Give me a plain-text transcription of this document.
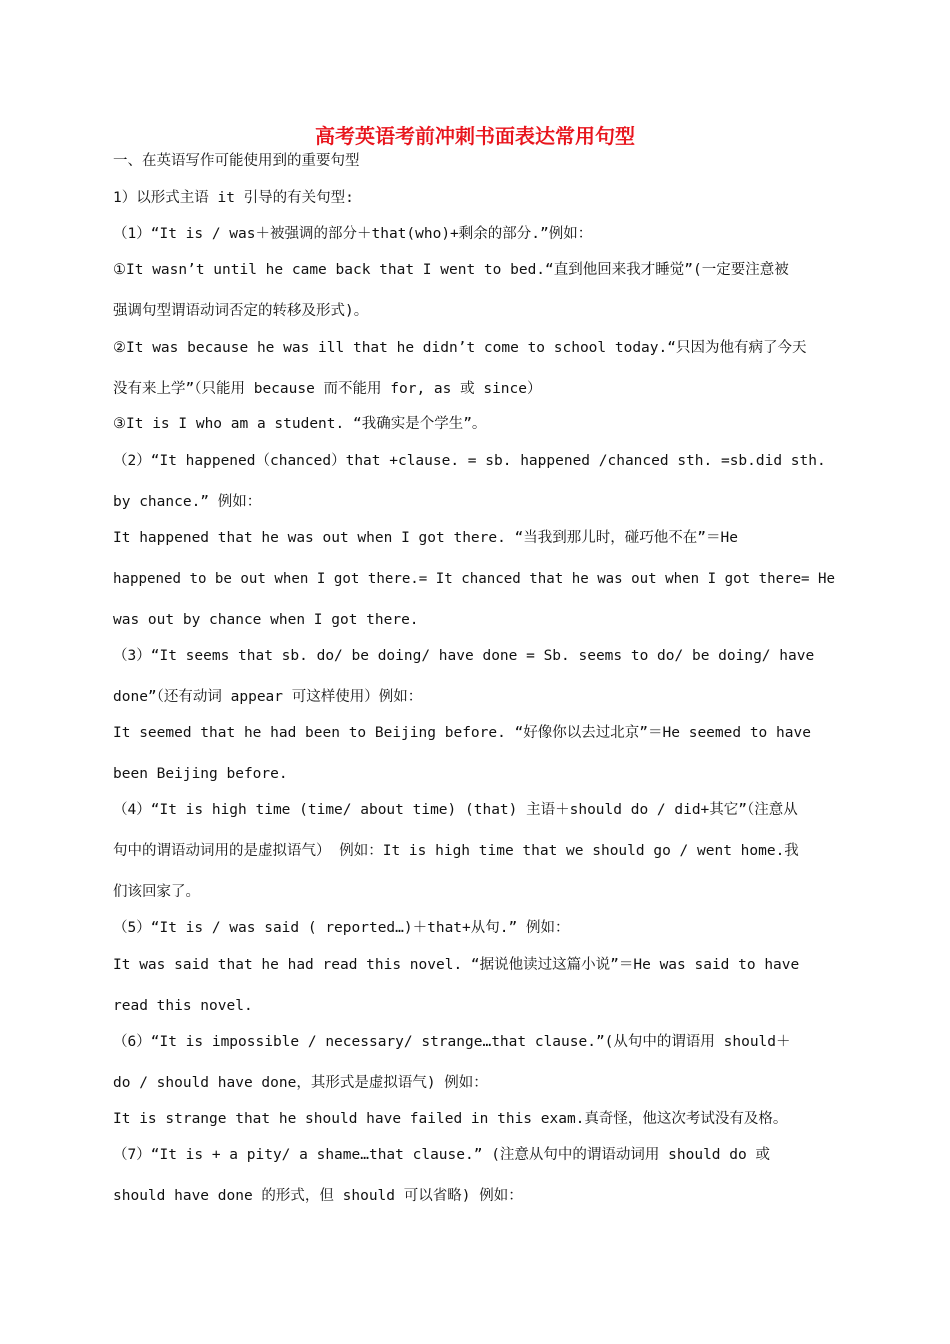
高考英语考前冲刺书面表达常用句型
一、在英语写作可能使用到的重要句型
1）以形式主语 it 引导的有关句型:
（1）“It is / was＋被强调的部分＋that(who)+剩余的部分.”例如：
①It wasn’t until he came back that I went to bed.“直到他回来我才睡觉”(一定要注意被
强调句型谓语动词否定的转移及形式)。
②It was because he was ill that he didn’t come to school today.“只因为他有病了今天
没有来上学”（只能用 because 而不能用 for, as 或 since）
③It is I who am a student. “我确实是个学生”。
（2）“It happened（chanced）that +clause. = sb. happened /chanced sth. =sb.did sth.
by chance.” 例如：
It happened that he was out when I got there. “当我到那儿时，碰巧他不在”＝He
happened to be out when I got there.= It chanced that he was out when I got there= He
was out by chance when I got there.
（3）“It seems that sb. do/ be doing/ have done = Sb. seems to do/ be doing/ have
done”（还有动词 appear 可这样使用）例如：
It seemed that he had been to Beijing before. “好像你以去过北京”＝He seemed to have
been Beijing before.
（4）“It is high time (time/ about time) (that) 主语＋should do / did+其它”（注意从
句中的谓语动词用的是虚拟语气） 例如：It is high time that we should go / went home.我
们该回家了。
（5）“It is / was said ( reported…)＋that+从句.” 例如：
It was said that he had read this novel. “据说他读过这篇小说”＝He was said to have
read this novel.
（6）“It is impossible / necessary/ strange…that clause.”(从句中的谓语用 should＋
do / should have done，其形式是虚拟语气) 例如：
It is strange that he should have failed in this exam.真奇怪，他这次考试没有及格。
（7）“It is + a pity/ a shame…that clause.” (注意从句中的谓语动词用 should do 或
should have done 的形式，但 should 可以省略) 例如：
